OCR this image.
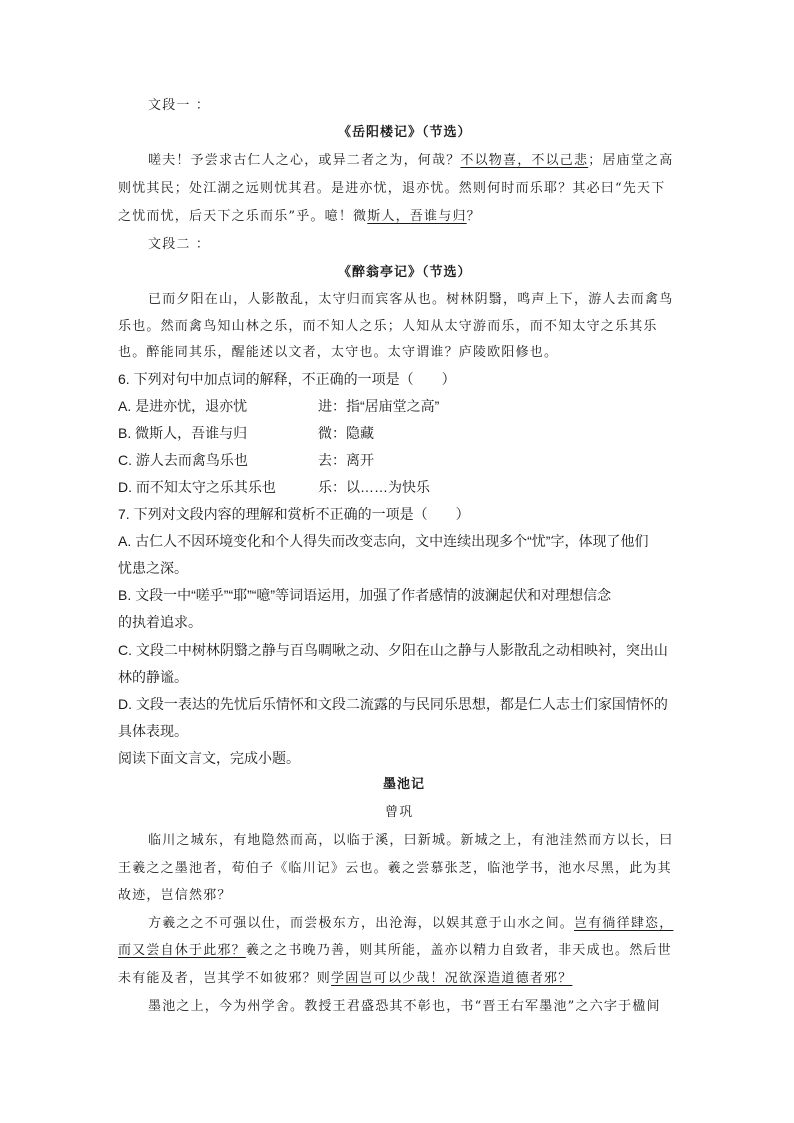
文段一 ：
《岳阳楼记》（节选）
嗟夫！予尝求古仁人之心，或异二者之为，何哉？不以物喜，不以己悲；居庙堂之高
则忧其民；处江湖之远则忧其君。是进亦忧，退亦忧。然则何时而乐耶？其必曰“先天下
之忧而忧，后天下之乐而乐”乎。噫！微斯人，吾谁与归？
文段二 ：
《醉翁亭记》（节选）
已而夕阳在山，人影散乱，太守归而宾客从也。树林阴翳，鸣声上下，游人去而禽鸟
乐也。然而禽鸟知山林之乐，而不知人之乐；人知从太守游而乐，而不知太守之乐其乐
也。醉能同其乐，醒能述以文者，太守也。太守谓谁？庐陵欧阳修也。
6. 下列对句中加点词的解释，不正确的一项是（　　）
A. 是进亦忧，退亦忧	进：指“居庙堂之高”
B. 微斯人，吾谁与归	微：隐藏
C. 游人去而禽鸟乐也	去：离开
D. 而不知太守之乐其乐也	乐：以……为快乐
7. 下列对文段内容的理解和赏析不正确的一项是（　　）
A. 古仁人不因环境变化和个人得失而改变志向，文中连续出现多个“忧”字，体现了他们
忧患之深。
B. 文段一中“嗟乎”“耶”“噫”等词语运用，加强了作者感情的波澜起伏和对理想信念
的执着追求。
C. 文段二中树林阴翳之静与百鸟啁啾之动、夕阳在山之静与人影散乱之动相映衬，突出山
林的静谧。
D. 文段一表达的先忧后乐情怀和文段二流露的与民同乐思想，都是仁人志士们家国情怀的
具体表现。
阅读下面文言文，完成小题。
墨池记
曾巩
临川之城东，有地隐然而高，以临于溪，曰新城。新城之上，有池洼然而方以长，曰
王羲之之墨池者，荀伯子《临川记》云也。羲之尝慕张芝，临池学书，池水尽黑，此为其
故迹，岂信然邪？
方羲之之不可强以仕，而尝极东方，出沧海，以娱其意于山水之间。岂有徜徉肆恣，
而又尝自休于此邪？羲之之书晚乃善，则其所能，盖亦以精力自致者，非天成也。然后世
未有能及者，岂其学不如彼邪？则学固岂可以少哉！况欲深造道德者邪？
墨池之上，今为州学舍。教授王君盛恐其不彰也，书“晋王右军墨池”之六字于楹间
